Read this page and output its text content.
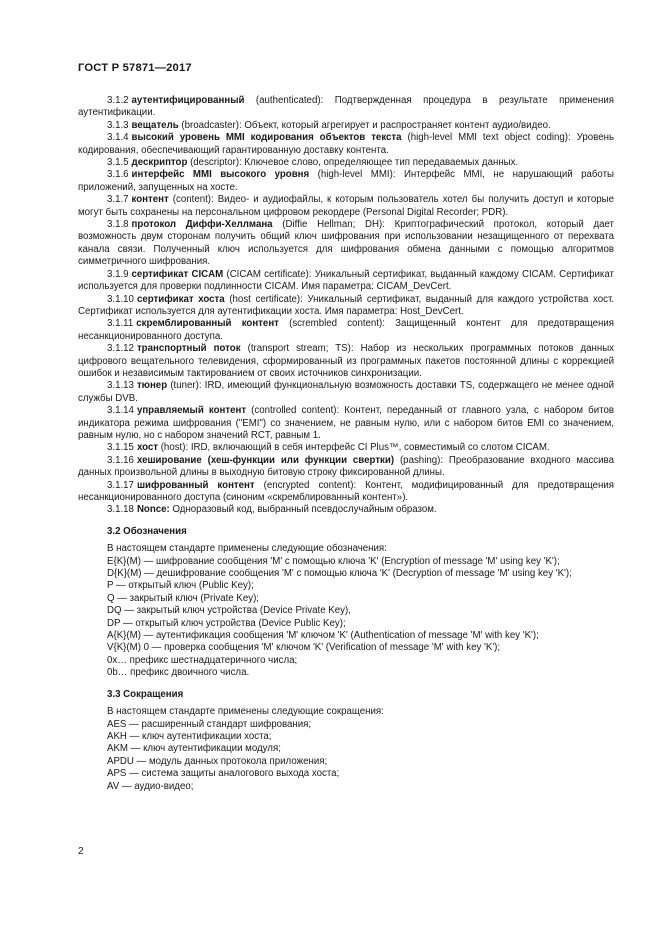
ГОСТ Р 57871—2017

3.1.2 аутентифицированный (authenticated): Подтвержденная процедура в результате применения аутентификации.

3.1.3 вещатель (broadcaster): Объект, который агрегирует и распространяет контент аудио/видео.

3.1.4 высокий уровень MMI кодирования объектов текста (high-level MMI text object coding): Уровень кодирования, обеспечивающий гарантированную доставку контента.

3.1.5 дескриптор (descriptor): Ключевое слово, определяющее тип передаваемых данных.

3.1.6 интерфейс MMI высокого уровня (high-level MMI): Интерфейс MMI, не нарушающий работы приложений, запущенных на хосте.

3.1.7 контент (content): Видео- и аудиофайлы, к которым пользователь хотел бы получить доступ и которые могут быть сохранены на персональном цифровом рекордере (Personal Digital Recorder; PDR).

3.1.8 протокол Диффи-Хеллмана (Diffie Hellman; DH): Криптографический протокол, который дает возможность двум сторонам получить общий ключ шифрования при использовании незащищенного от перехвата канала связи. Полученный ключ используется для шифрования обмена данными с помощью алгоритмов симметричного шифрования.

3.1.9 сертификат CICAM (CICAM certificate): Уникальный сертификат, выданный каждому CICAM. Сертификат используется для проверки подлинности CICAM. Имя параметра: CICAM_DevCert.

3.1.10 сертификат хоста (host certificate): Уникальный сертификат, выданный для каждого устройства хост. Сертификат используется для аутентификации хоста. Имя параметра: Host_DevCert.

3.1.11 скремблированный контент (scrembled content): Защищенный контент для предотвращения несанкционированного доступа.

3.1.12 транспортный поток (transport stream; TS): Набор из нескольких программных потоков данных цифрового вещательного телевидения, сформированный из программных пакетов постоянной длины с коррекцией ошибок и независимым тактированием от своих источников синхронизации.

3.1.13 тюнер (tuner): IRD, имеющий функциональную возможность доставки TS, содержащего не менее одной службы DVB.

3.1.14 управляемый контент (controlled content): Контент, переданный от главного узла, с набором битов индикатора режима шифрования ("EMI") со значением, не равным нулю, или с набором битов EMI со значением, равным нулю, но с набором значений RCT, равным 1.

3.1.15 хост (host): IRD, включающий в себя интерфейс CI Plus™, совместимый со слотом CICAM.

3.1.16 хеширование (хеш-функции или функции свертки) (pashing): Преобразование входного массива данных произвольной длины в выходную битовую строку фиксированной длины.

3.1.17 шифрованный контент (encrypted content): Контент, модифицированный для предотвращения несанкционированного доступа (синоним «скремблированный контент»).

3.1.18 Nonce: Одноразовый код, выбранный псевдослучайным образом.

3.2 Обозначения

В настоящем стандарте применены следующие обозначения:

E{K}(M) — шифрование сообщения 'M' с помощью ключа 'K' (Encryption of message 'M' using key 'K');

D{K}(M) — дешифрование сообщения 'M' с помощью ключа 'K' (Decryption of message 'M' using key 'K');

P — открытый ключ (Public Key);

Q — закрытый ключ (Private Key);

DQ — закрытый ключ устройства (Device Private Key),

DP — открытый ключ устройства (Device Public Key);

A{K}(M) — аутентификация сообщения 'M' ключом 'K' (Authentication of message 'M' with key 'K');

V{K}(M) 0 — проверка сообщения 'M' ключом 'K' (Verification of message 'M' with key 'K');

0x… префикс шестнадцатеричного числа;

0b… префикс двоичного числа.

3.3 Сокращения

В настоящем стандарте применены следующие сокращения:

AES — расширенный стандарт шифрования;

AKH — ключ аутентификации хоста;

AKM — ключ аутентификации модуля;

APDU — модуль данных протокола приложения;

APS — система защиты аналогового выхода хоста;

AV — аудио-видео;

2
